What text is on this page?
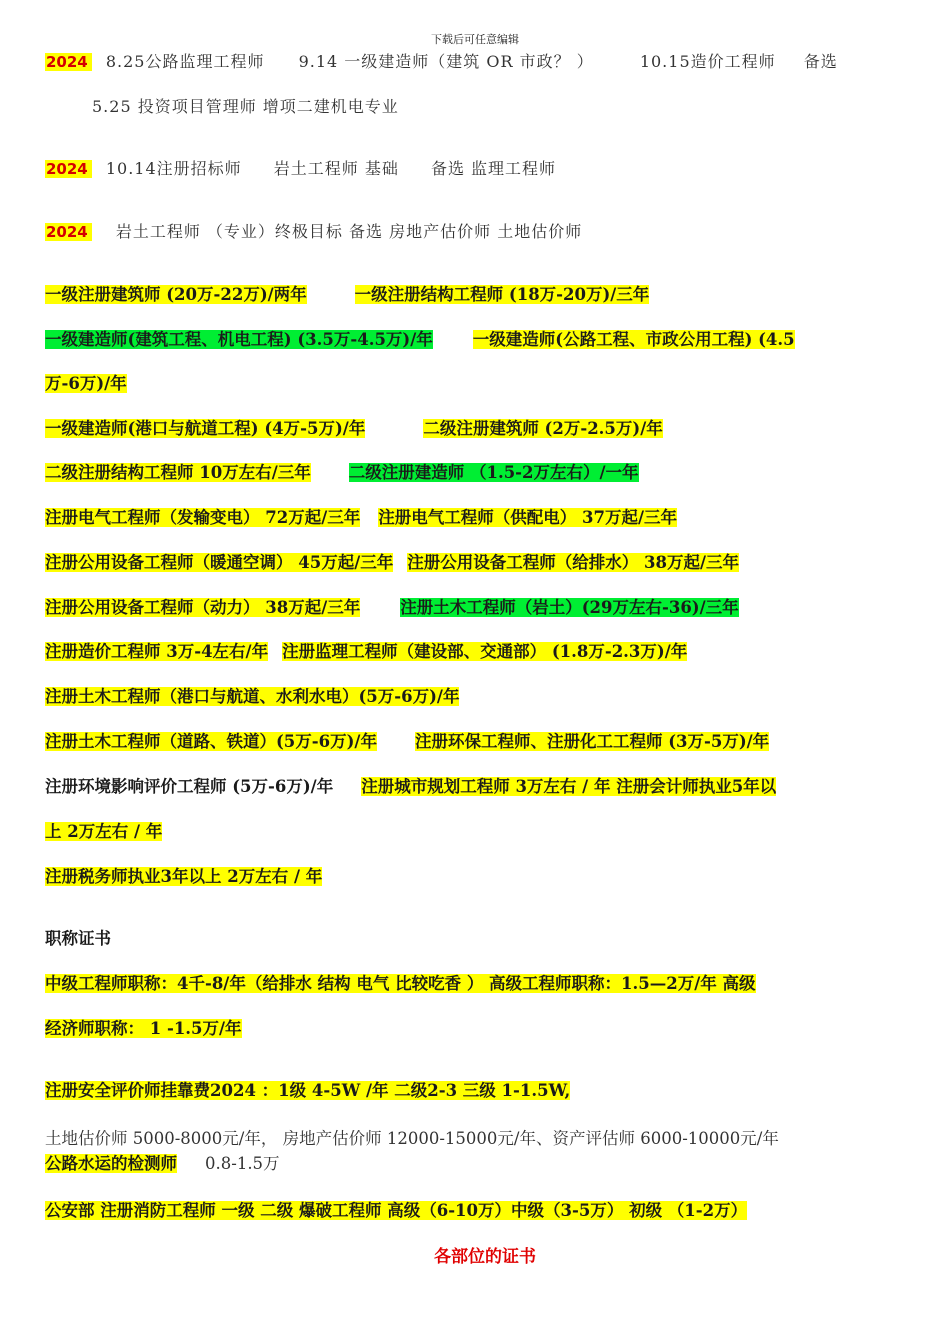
下载后可任意编辑
2024 8.25公路监理工程师 9.14 一级建造师（建筑 OR 市政？ ）	10.15造价工程师 备选
5.25 投资项目管理师 增项二建机电专业
2024 10.14注册招标师 岩土工程师 基础 备选 监理工程师
2024 岩土工程师 （专业）终极目标 备选 房地产估价师 土地估价师
一级注册建筑师 (20万-22万)/两年	一级注册结构工程师 (18万-20万)/三年
一级建造师(建筑工程、机电工程) (3.5万-4.5万)/年 一级建造师(公路工程、市政公用工程) (4.5
万-6万)/年
一级建造师(港口与航道工程) (4万-5万)/年	二级注册建筑师 (2万-2.5万)/年
二级注册结构工程师 10万左右/三年 二级注册建造师 （1.5-2万左右）/一年
注册电气工程师（发输变电） 72万起/三年 注册电气工程师（供配电） 37万起/三年
注册公用设备工程师（暖通空调） 45万起/三年 注册公用设备工程师（给排水） 38万起/三年
注册公用设备工程师（动力） 38万起/三年 注册土木工程师（岩土）(29万左右-36)/三年
注册造价工程师 3万-4左右/年 注册监理工程师（建设部、交通部） (1.8万-2.3万)/年
注册土木工程师（港口与航道、水利水电）(5万-6万)/年
注册土木工程师（道路、铁道）(5万-6万)/年 注册环保工程师、注册化工工程师 (3万-5万)/年
注册环境影响评价工程师 (5万-6万)/年 注册城市规划工程师 3万左右 / 年 注册会计师执业5年以
上 2万左右 / 年
注册税务师执业3年以上 2万左右 / 年
职称证书
中级工程师职称：4千-8/年（给排水 结构 电气 比较吃香 ） 高级工程师职称：1.5—2万/年 高级
经济师职称： 1 -1.5万/年
注册安全评价师挂靠费2024 ：1级 4-5W /年 二级2-3 三级 1-1.5W,
土地估价师 5000-8000元/年， 房地产估价师 12000-15000元/年、资产评估师 6000-10000元/年
公路水运的检测师 0.8-1.5万
公安部 注册消防工程师 一级 二级 爆破工程师 高级（6-10万）中级（3-5万） 初级 （1-2万）
各部位的证书
